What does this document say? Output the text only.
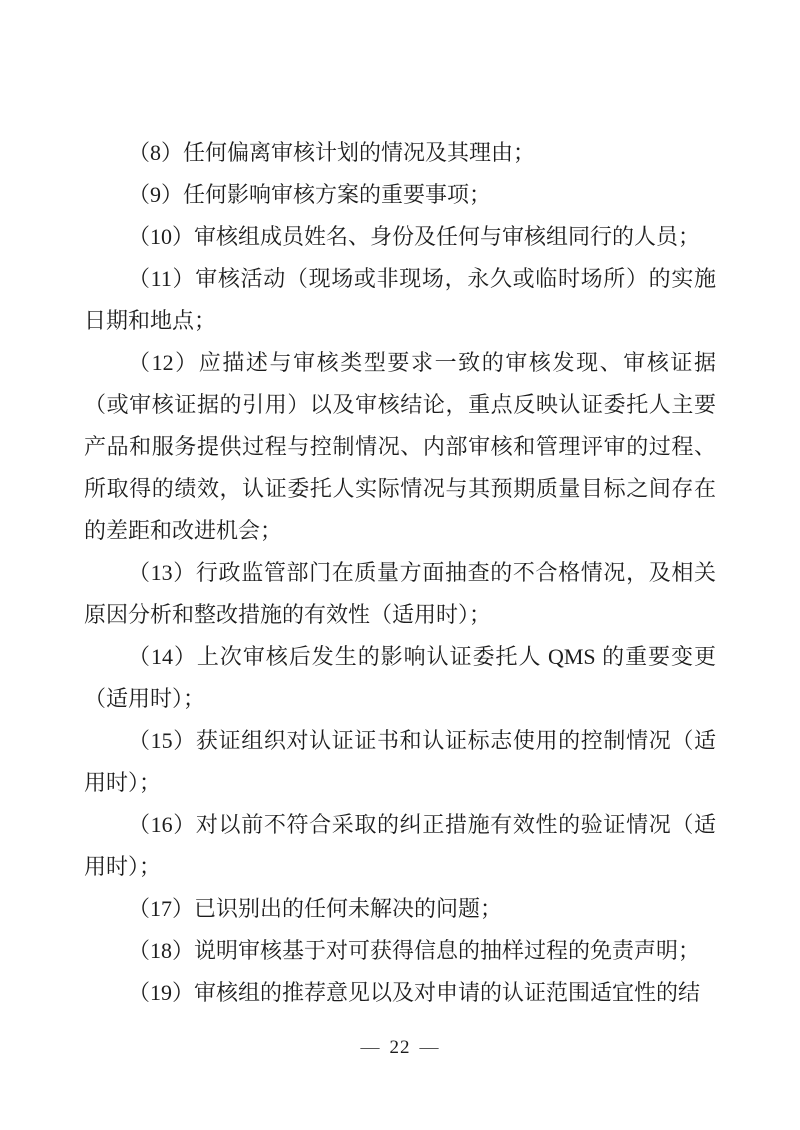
（8）任何偏离审核计划的情况及其理由；

（9）任何影响审核方案的重要事项；

（10）审核组成员姓名、身份及任何与审核组同行的人员；

（11）审核活动（现场或非现场，永久或临时场所）的实施日期和地点；

（12）应描述与审核类型要求一致的审核发现、审核证据（或审核证据的引用）以及审核结论，重点反映认证委托人主要产品和服务提供过程与控制情况、内部审核和管理评审的过程、所取得的绩效，认证委托人实际情况与其预期质量目标之间存在的差距和改进机会；

（13）行政监管部门在质量方面抽查的不合格情况，及相关原因分析和整改措施的有效性（适用时）；

（14）上次审核后发生的影响认证委托人 QMS 的重要变更（适用时）；

（15）获证组织对认证证书和认证标志使用的控制情况（适用时）；

（16）对以前不符合采取的纠正措施有效性的验证情况（适用时）；

（17）已识别出的任何未解决的问题；

（18）说明审核基于对可获得信息的抽样过程的免责声明；

（19）审核组的推荐意见以及对申请的认证范围适宜性的结

— 22 —
